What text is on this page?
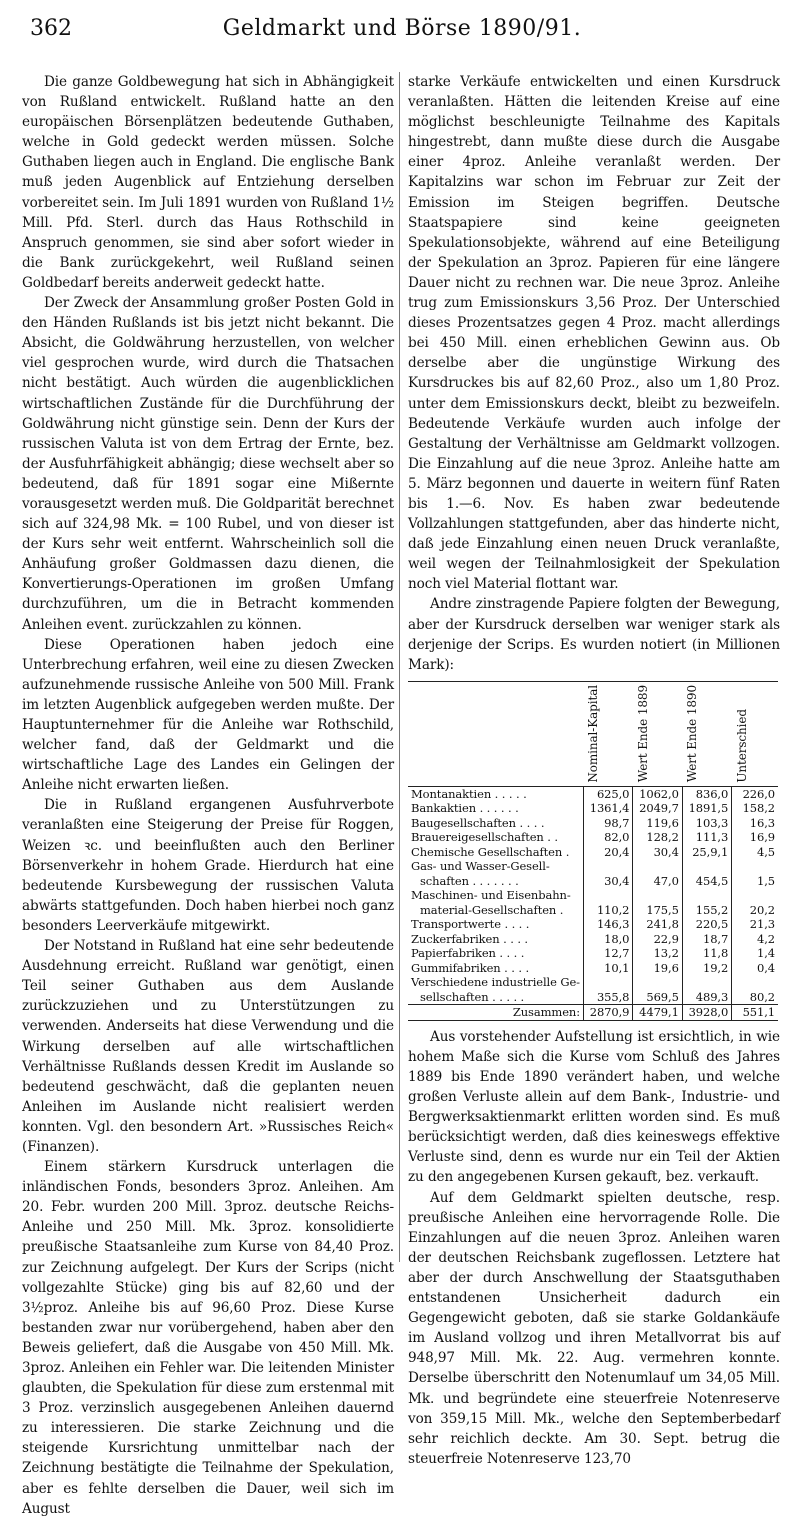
362	Geldmarkt und Börse 1890/91.

Die ganze Goldbewegung hat sich in Abhängigkeit von Rußland entwickelt. Rußland hatte an den europäischen Börsenplätzen bedeutende Guthaben, welche in Gold gedeckt werden müssen. Solche Guthaben liegen auch in England. Die englische Bank muß jeden Augenblick auf Entziehung derselben vorbereitet sein. Im Juli 1891 wurden von Rußland 1½ Mill. Pfd. Sterl. durch das Haus Rothschild in Anspruch genommen, sie sind aber sofort wieder in die Bank zurückgekehrt, weil Rußland seinen Goldbedarf bereits anderweit gedeckt hatte.

Der Zweck der Ansammlung großer Posten Gold in den Händen Rußlands ist bis jetzt nicht bekannt. Die Absicht, die Goldwährung herzustellen, von welcher viel gesprochen wurde, wird durch die Thatsachen nicht bestätigt. Auch würden die augenblicklichen wirtschaftlichen Zustände für die Durchführung der Goldwährung nicht günstige sein. Denn der Kurs der russischen Valuta ist von dem Ertrag der Ernte, bez. der Ausfuhrfähigkeit abhängig; diese wechselt aber so bedeutend, daß für 1891 sogar eine Mißernte vorausgesetzt werden muß. Die Goldparität berechnet sich auf 324,98 Mk. = 100 Rubel, und von dieser ist der Kurs sehr weit entfernt. Wahrscheinlich soll die Anhäufung großer Goldmassen dazu dienen, die Konvertierungs-Operationen im großen Umfang durchzuführen, um die in Betracht kommenden Anleihen event. zurückzahlen zu können.

Diese Operationen haben jedoch eine Unterbrechung erfahren, weil eine zu diesen Zwecken aufzunehmende russische Anleihe von 500 Mill. Frank im letzten Augenblick aufgegeben werden mußte. Der Hauptunternehmer für die Anleihe war Rothschild, welcher fand, daß der Geldmarkt und die wirtschaftliche Lage des Landes ein Gelingen der Anleihe nicht erwarten ließen.

Die in Rußland ergangenen Ausfuhrverbote veranlaßten eine Steigerung der Preise für Roggen, Weizen ꝛc. und beeinflußten auch den Berliner Börsenverkehr in hohem Grade. Hierdurch hat eine bedeutende Kursbewegung der russischen Valuta abwärts stattgefunden. Doch haben hierbei noch ganz besonders Leerverkäufe mitgewirkt.

Der Notstand in Rußland hat eine sehr bedeutende Ausdehnung erreicht. Rußland war genötigt, einen Teil seiner Guthaben aus dem Auslande zurückzuziehen und zu Unterstützungen zu verwenden. Anderseits hat diese Verwendung und die Wirkung derselben auf alle wirtschaftlichen Verhältnisse Rußlands dessen Kredit im Auslande so bedeutend geschwächt, daß die geplanten neuen Anleihen im Auslande nicht realisiert werden konnten. Vgl. den besondern Art. »Russisches Reich« (Finanzen).

Einem stärkern Kursdruck unterlagen die inländischen Fonds, besonders 3proz. Anleihen. Am 20. Febr. wurden 200 Mill. 3proz. deutsche Reichs-Anleihe und 250 Mill. Mk. 3proz. konsolidierte preußische Staatsanleihe zum Kurse von 84,40 Proz. zur Zeichnung aufgelegt. Der Kurs der Scrips (nicht vollgezahlte Stücke) ging bis auf 82,60 und der 3½proz. Anleihe bis auf 96,60 Proz. Diese Kurse bestanden zwar nur vorübergehend, haben aber den Beweis geliefert, daß die Ausgabe von 450 Mill. Mk. 3proz. Anleihen ein Fehler war. Die leitenden Minister glaubten, die Spekulation für diese zum erstenmal mit 3 Proz. verzinslich ausgegebenen Anleihen dauernd zu interessieren. Die starke Zeichnung und die steigende Kursrichtung unmittelbar nach der Zeichnung bestätigte die Teilnahme der Spekulation, aber es fehlte derselben die Dauer, weil sich im August

starke Verkäufe entwickelten und einen Kursdruck veranlaßten. Hätten die leitenden Kreise auf eine möglichst beschleunigte Teilnahme des Kapitals hingestrebt, dann mußte diese durch die Ausgabe einer 4proz. Anleihe veranlaßt werden. Der Kapitalzins war schon im Februar zur Zeit der Emission im Steigen begriffen. Deutsche Staatspapiere sind keine geeigneten Spekulationsobjekte, während auf eine Beteiligung der Spekulation an 3proz. Papieren für eine längere Dauer nicht zu rechnen war. Die neue 3proz. Anleihe trug zum Emissionskurs 3,56 Proz. Der Unterschied dieses Prozentsatzes gegen 4 Proz. macht allerdings bei 450 Mill. einen erheblichen Gewinn aus. Ob derselbe aber die ungünstige Wirkung des Kursdruckes bis auf 82,60 Proz., also um 1,80 Proz. unter dem Emissionskurs deckt, bleibt zu bezweifeln. Bedeutende Verkäufe wurden auch infolge der Gestaltung der Verhältnisse am Geldmarkt vollzogen. Die Einzahlung auf die neue 3proz. Anleihe hatte am 5. März begonnen und dauerte in weitern fünf Raten bis 1.—6. Nov. Es haben zwar bedeutende Vollzahlungen stattgefunden, aber das hinderte nicht, daß jede Einzahlung einen neuen Druck veranlaßte, weil wegen der Teilnahmlosigkeit der Spekulation noch viel Material flottant war.

Andre zinstragende Papiere folgten der Bewegung, aber der Kursdruck derselben war weniger stark als derjenige der Scrips. Es wurden notiert (in Millionen Mark):

	Nominal-Kapital	Wert Ende 1889	Wert Ende 1890	Unterschied
Montanaktien . . . . .	625,0	1062,0	836,0	226,0
Bankaktien . . . . . .	1361,4	2049,7	1891,5	158,2
Baugesellschaften . . . .	98,7	119,6	103,3	16,3
Brauereigesellschaften . .	82,0	128,2	111,3	16,9
Chemische Gesellschaften .	20,4	30,4	25,9,1	4,5
Gas- und Wasser-Gesell-				
schaften . . . . . . .	30,4	47,0	454,5	1,5
Maschinen- und Eisenbahn-				
material-Gesellschaften .	110,2	175,5	155,2	20,2
Transportwerte . . . .	146,3	241,8	220,5	21,3
Zuckerfabriken . . . .	18,0	22,9	18,7	4,2
Papierfabriken . . . .	12,7	13,2	11,8	1,4
Gummifabriken . . . .	10,1	19,6	19,2	0,4
Verschiedene industrielle Ge-				
sellschaften . . . . .	355,8	569,5	489,3	80,2
Zusammen:	2870,9	4479,1	3928,0	551,1

Aus vorstehender Aufstellung ist ersichtlich, in wie hohem Maße sich die Kurse vom Schluß des Jahres 1889 bis Ende 1890 verändert haben, und welche großen Verluste allein auf dem Bank-, Industrie- und Bergwerksaktienmarkt erlitten worden sind. Es muß berücksichtigt werden, daß dies keineswegs effektive Verluste sind, denn es wurde nur ein Teil der Aktien zu den angegebenen Kursen gekauft, bez. verkauft.

Auf dem Geldmarkt spielten deutsche, resp. preußische Anleihen eine hervorragende Rolle. Die Einzahlungen auf die neuen 3proz. Anleihen waren der deutschen Reichsbank zugeflossen. Letztere hat aber der durch Anschwellung der Staatsguthaben entstandenen Unsicherheit dadurch ein Gegengewicht geboten, daß sie starke Goldankäufe im Ausland vollzog und ihren Metallvorrat bis auf 948,97 Mill. Mk. 22. Aug. vermehren konnte. Derselbe überschritt den Notenumlauf um 34,05 Mill. Mk. und begründete eine steuerfreie Notenreserve von 359,15 Mill. Mk., welche den Septemberbedarf sehr reichlich deckte. Am 30. Sept. betrug die steuerfreie Notenreserve 123,70
